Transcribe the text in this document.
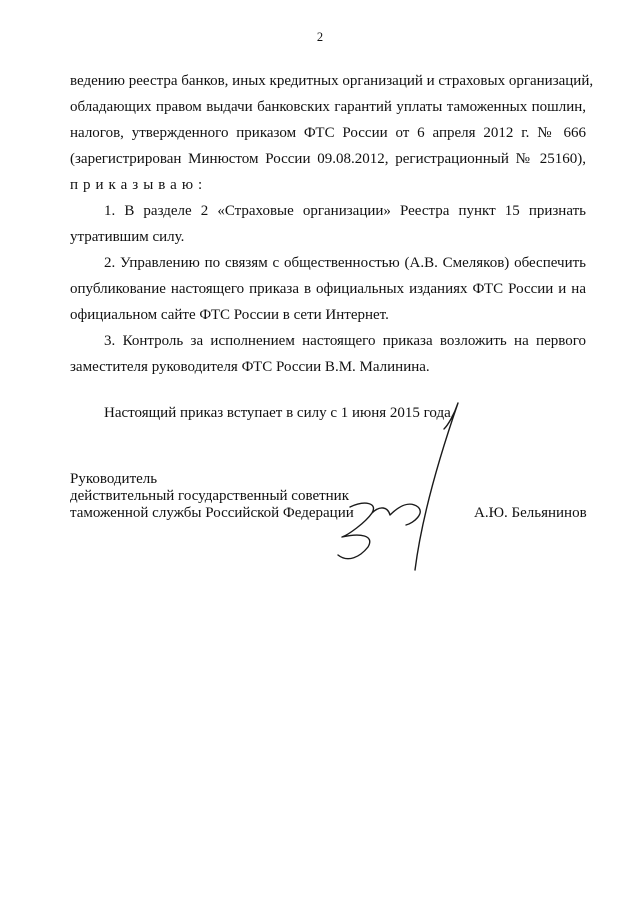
2
ведению реестра банков, иных кредитных организаций и страховых организаций,
обладающих правом выдачи банковских гарантий уплаты таможенных пошлин,
налогов, утвержденного приказом ФТС России от 6 апреля 2012 г. № 666
(зарегистрирован Минюстом России 09.08.2012, регистрационный № 25160),
приказываю:
1. В разделе 2 «Страховые организации» Реестра пункт 15 признать
утратившим силу.
2. Управлению по связям с общественностью (А.В. Смеляков) обеспечить
опубликование настоящего приказа в официальных изданиях ФТС России и на
официальном сайте ФТС России в сети Интернет.
3. Контроль за исполнением настоящего приказа возложить на первого
заместителя руководителя ФТС России В.М. Малинина.
Настоящий приказ вступает в силу с 1 июня 2015 года.
Руководитель
действительный государственный советник
таможенной службы Российской Федерации	А.Ю. Бельянинов
